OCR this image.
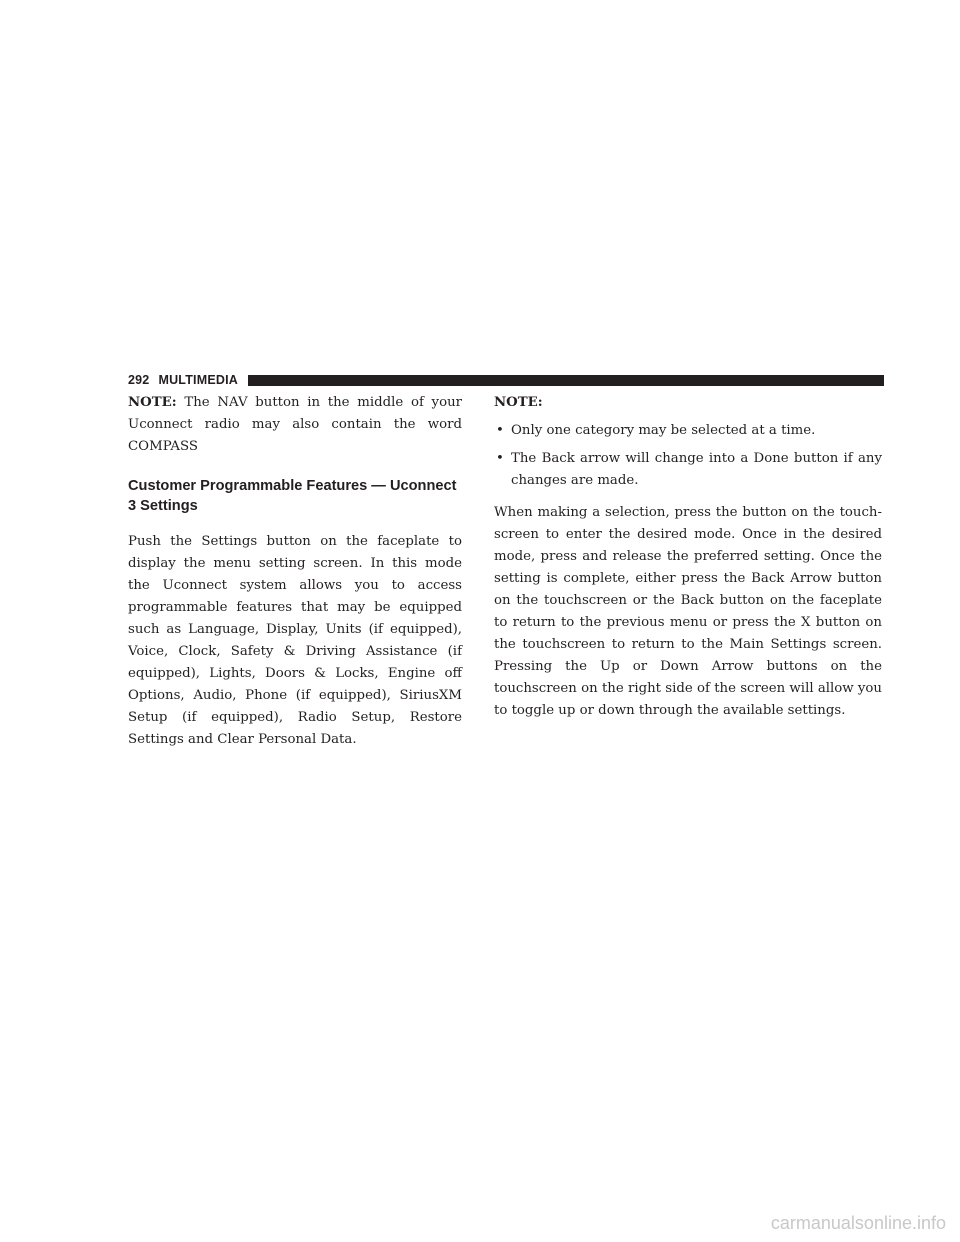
292 MULTIMEDIA

NOTE: The NAV button in the middle of your Uconnect radio may also contain the word COMPASS

Customer Programmable Features — Uconnect 3 Settings

Push the Settings button on the faceplate to display the menu setting screen. In this mode the Uconnect system allows you to access programmable features that may be equipped such as Language, Display, Units (if equipped), Voice, Clock, Safety & Driving Assistance (if equipped), Lights, Doors & Locks, Engine off Options, Audio, Phone (if equipped), SiriusXM Setup (if equipped), Radio Setup, Restore Settings and Clear Personal Data.

NOTE:
• Only one category may be selected at a time.
• The Back arrow will change into a Done button if any changes are made.

When making a selection, press the button on the touch-screen to enter the desired mode. Once in the desired mode, press and release the preferred setting. Once the setting is complete, either press the Back Arrow button on the touchscreen or the Back button on the faceplate to return to the previous menu or press the X button on the touchscreen to return to the Main Settings screen. Pressing the Up or Down Arrow buttons on the touchscreen on the right side of the screen will allow you to toggle up or down through the available settings.

carmanualsonline.info
